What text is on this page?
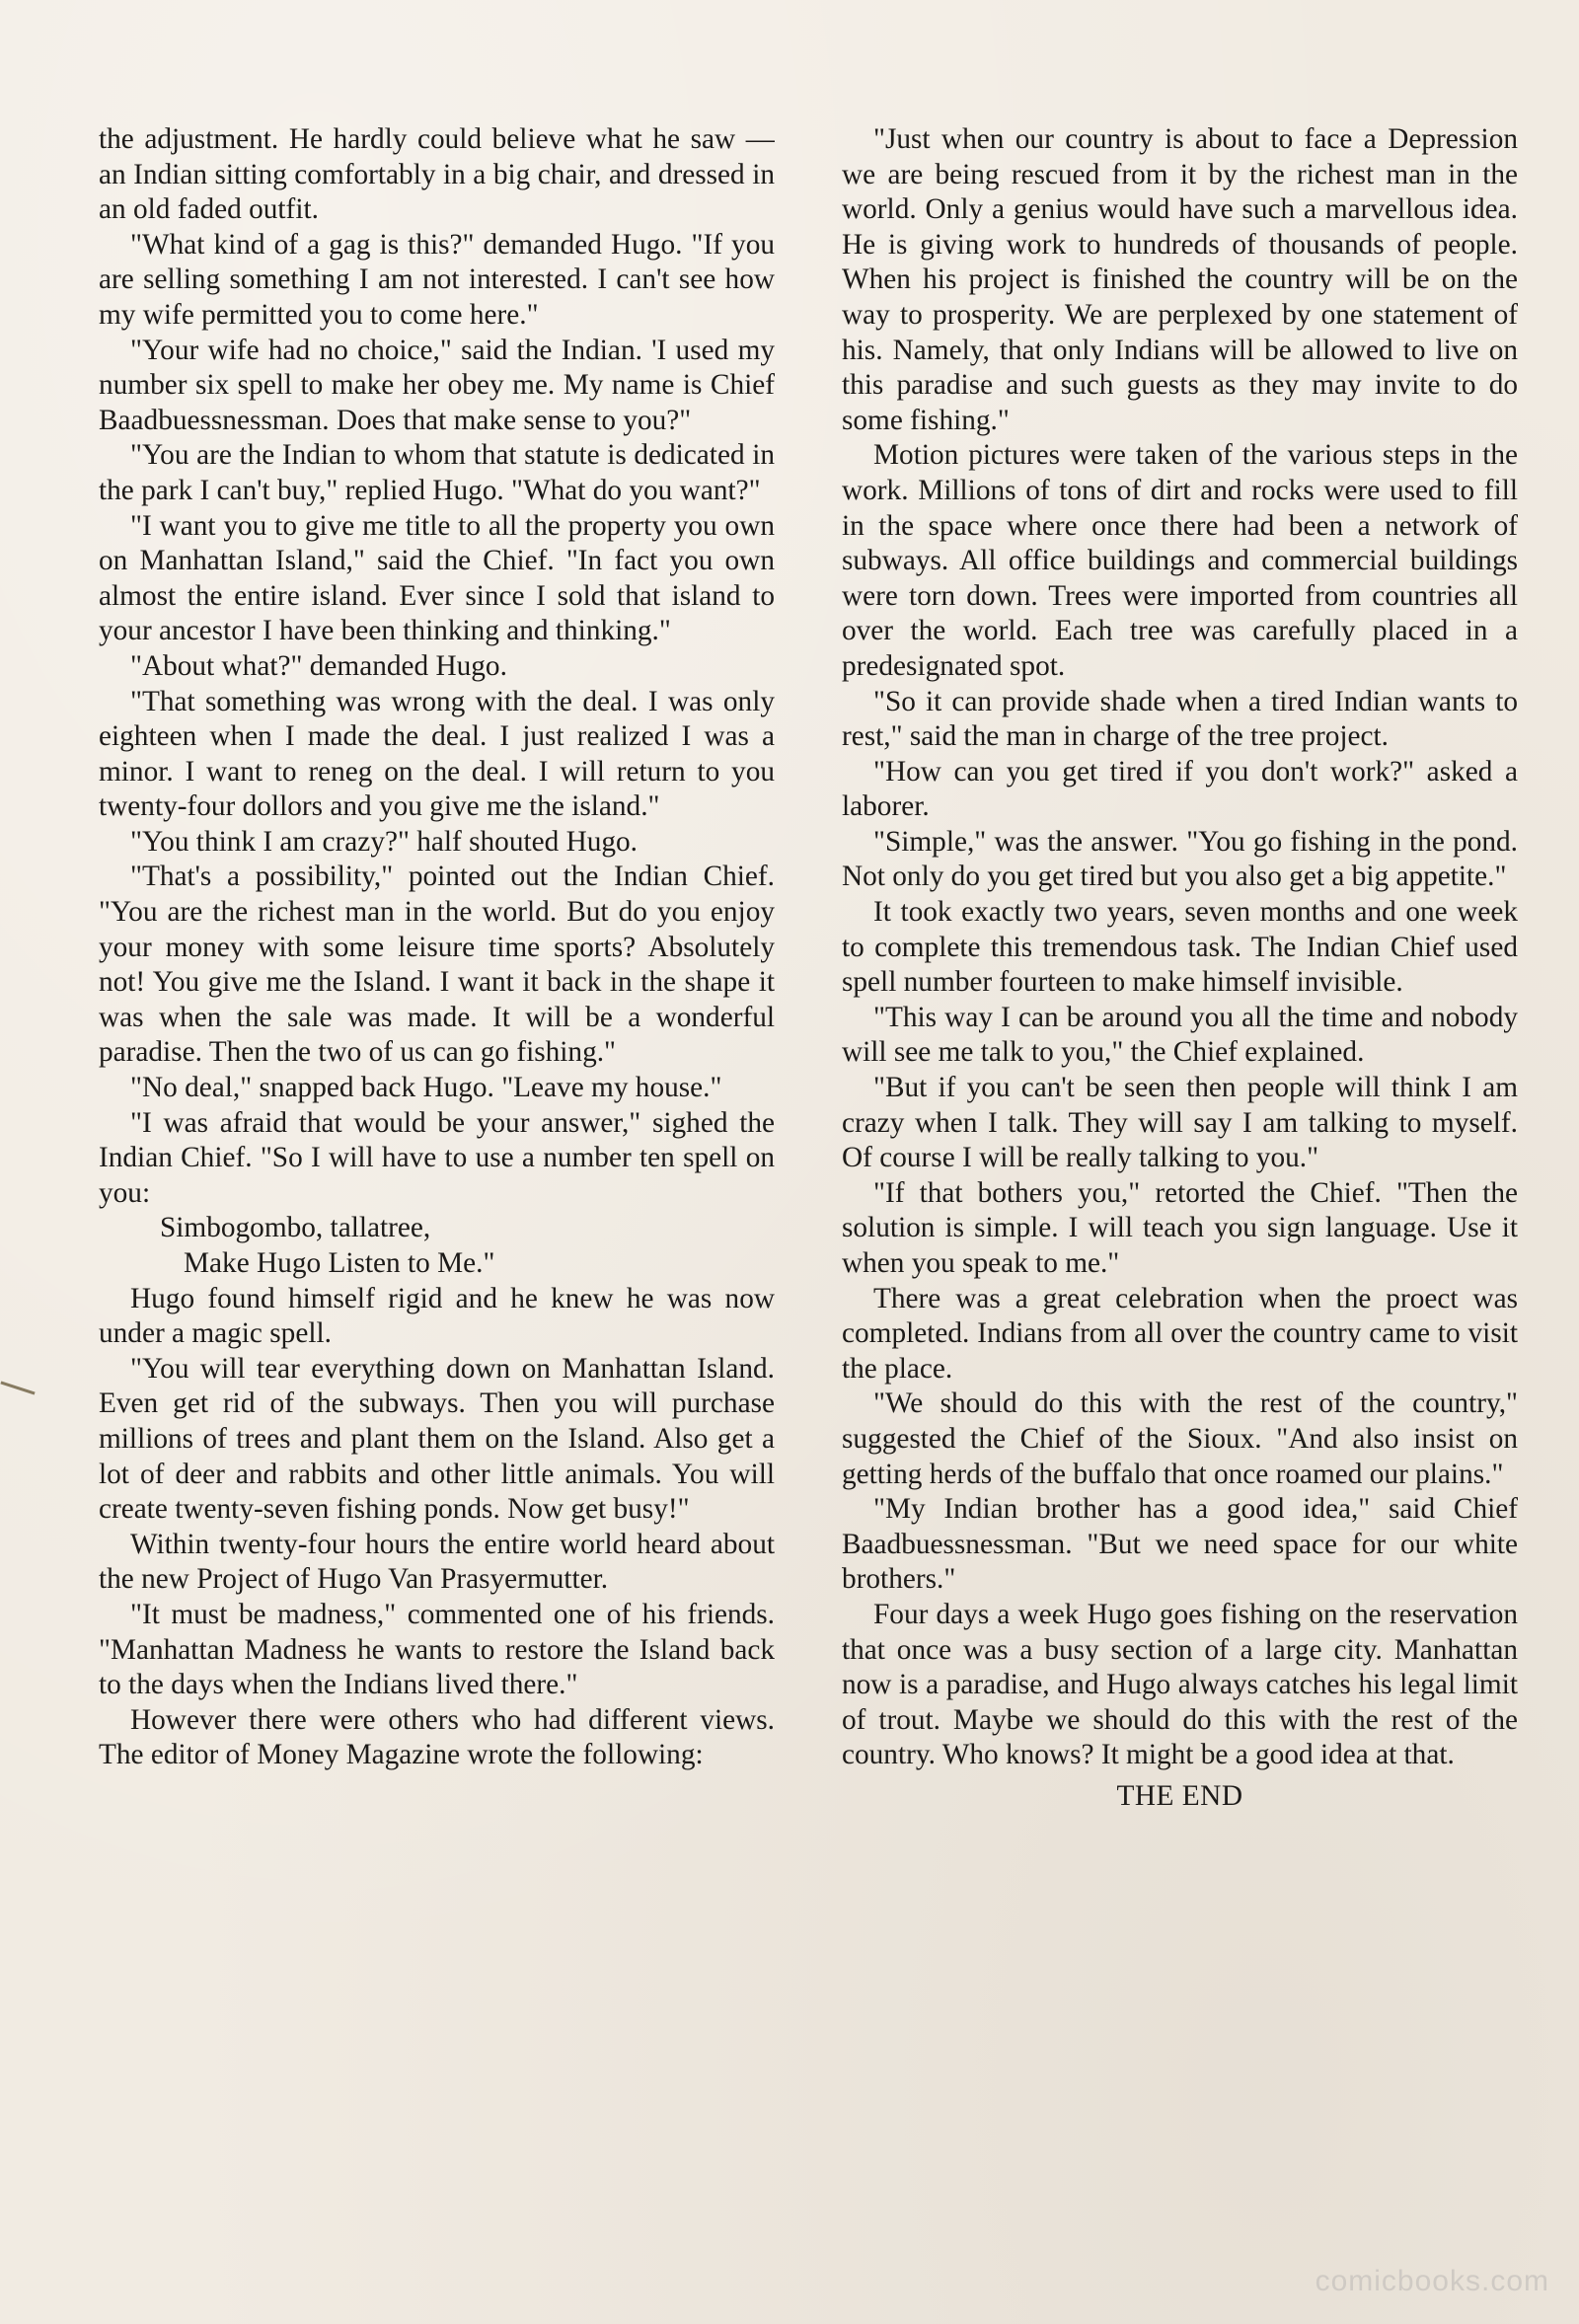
the adjustment. He hardly could believe what he saw — an Indian sitting comfortably in a big chair, and dressed in an old faded outfit.

"What kind of a gag is this?" demanded Hugo. "If you are selling something I am not interested. I can't see how my wife permitted you to come here."

"Your wife had no choice," said the Indian. 'I used my number six spell to make her obey me. My name is Chief Baadbuessnessman. Does that make sense to you?"

"You are the Indian to whom that statute is dedicated in the park I can't buy," replied Hugo. "What do you want?"

"I want you to give me title to all the property you own on Manhattan Island," said the Chief. "In fact you own almost the entire island. Ever since I sold that island to your ancestor I have been thinking and thinking."

"About what?" demanded Hugo.

"That something was wrong with the deal. I was only eighteen when I made the deal. I just realized I was a minor. I want to reneg on the deal. I will return to you twenty-four dollors and you give me the island."

"You think I am crazy?" half shouted Hugo.

"That's a possibility," pointed out the Indian Chief. "You are the richest man in the world. But do you enjoy your money with some leisure time sports? Absolutely not! You give me the Island. I want it back in the shape it was when the sale was made. It will be a wonderful paradise. Then the two of us can go fishing."

"No deal," snapped back Hugo. "Leave my house."

"I was afraid that would be your answer," sighed the Indian Chief. "So I will have to use a number ten spell on you:

Simbogombo, tallatree,

Make Hugo Listen to Me."

Hugo found himself rigid and he knew he was now under a magic spell.

"You will tear everything down on Manhattan Island. Even get rid of the subways. Then you will purchase millions of trees and plant them on the Island. Also get a lot of deer and rabbits and other little animals. You will create twenty-seven fishing ponds. Now get busy!"

Within twenty-four hours the entire world heard about the new Project of Hugo Van Prasyermutter.

"It must be madness," commented one of his friends. "Manhattan Madness he wants to restore the Island back to the days when the Indians lived there."

However there were others who had different views. The editor of Money Magazine wrote the following:

"Just when our country is about to face a Depression we are being rescued from it by the richest man in the world. Only a genius would have such a marvellous idea. He is giving work to hundreds of thousands of people. When his project is finished the country will be on the way to prosperity. We are perplexed by one statement of his. Namely, that only Indians will be allowed to live on this paradise and such guests as they may invite to do some fishing."

Motion pictures were taken of the various steps in the work. Millions of tons of dirt and rocks were used to fill in the space where once there had been a network of subways. All office buildings and commercial buildings were torn down. Trees were imported from countries all over the world. Each tree was carefully placed in a predesignated spot.

"So it can provide shade when a tired Indian wants to rest," said the man in charge of the tree project.

"How can you get tired if you don't work?" asked a laborer.

"Simple," was the answer. "You go fishing in the pond. Not only do you get tired but you also get a big appetite."

It took exactly two years, seven months and one week to complete this tremendous task. The Indian Chief used spell number fourteen to make himself invisible.

"This way I can be around you all the time and nobody will see me talk to you," the Chief explained.

"But if you can't be seen then people will think I am crazy when I talk. They will say I am talking to myself. Of course I will be really talking to you."

"If that bothers you," retorted the Chief. "Then the solution is simple. I will teach you sign language. Use it when you speak to me."

There was a great celebration when the proect was completed. Indians from all over the country came to visit the place.

"We should do this with the rest of the country," suggested the Chief of the Sioux. "And also insist on getting herds of the buffalo that once roamed our plains."

"My Indian brother has a good idea," said Chief Baadbuessnessman. "But we need space for our white brothers."

Four days a week Hugo goes fishing on the reservation that once was a busy section of a large city. Manhattan now is a paradise, and Hugo always catches his legal limit of trout. Maybe we should do this with the rest of the country. Who knows? It might be a good idea at that.

THE END

comicbooks.com
